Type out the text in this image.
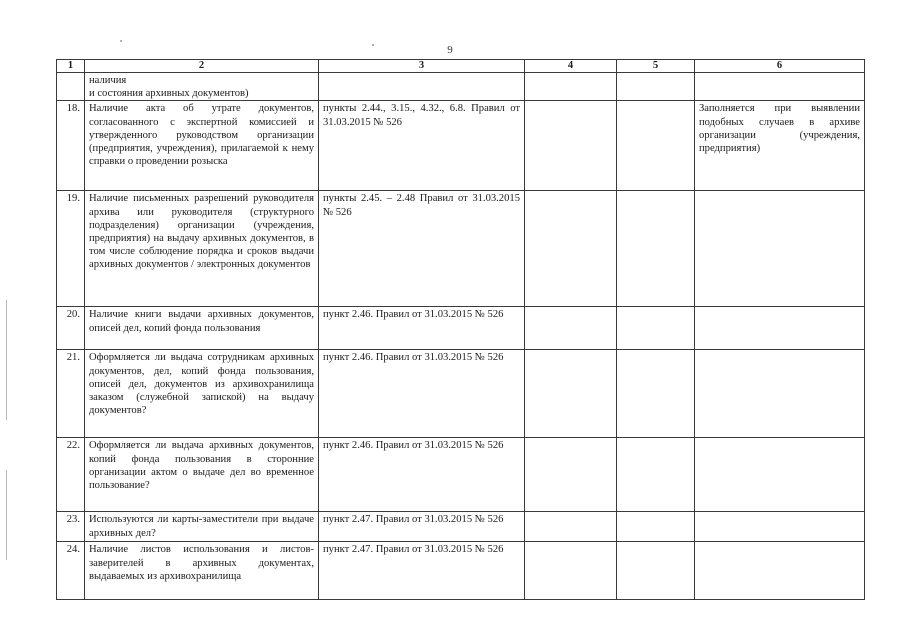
9
1	2	3	4	5	6
	наличия
и состояния архивных документов)				
18.	Наличие акта об утрате документов, согласованного с экспертной комиссией и утвержденного руководством организации (предприятия, учреждения), прилагаемой к нему справки о проведении розыска	пункты 2.44., 3.15., 4.32., 6.8. Правил от 31.03.2015 № 526			Заполняется при выявлении подобных случаев в архиве организации (учреждения, предприятия)
19.	Наличие письменных разрешений руководителя архива или руководителя (структурного подразделения) организации (учреждения, предприятия) на выдачу архивных документов, в том числе соблюдение порядка и сроков выдачи архивных документов / электронных документов	пункты 2.45. – 2.48 Правил от 31.03.2015 № 526			
20.	Наличие книги выдачи архивных документов, описей дел, копий фонда пользования	пункт 2.46. Правил от 31.03.2015 № 526			
21.	Оформляется ли выдача сотрудникам архивных документов, дел, копий фонда пользования, описей дел, документов из архивохранилища заказом (служебной запиской) на выдачу документов?	пункт 2.46. Правил от 31.03.2015 № 526			
22.	Оформляется ли выдача архивных документов, копий фонда пользования в сторонние организации актом о выдаче дел во временное пользование?	пункт 2.46. Правил от 31.03.2015 № 526			
23.	Используются ли карты-заместители при выдаче архивных дел?	пункт 2.47. Правил от 31.03.2015 № 526			
24.	Наличие листов использования и листов-заверителей в архивных документах, выдаваемых из архивохранилища	пункт 2.47. Правил от 31.03.2015 № 526			
